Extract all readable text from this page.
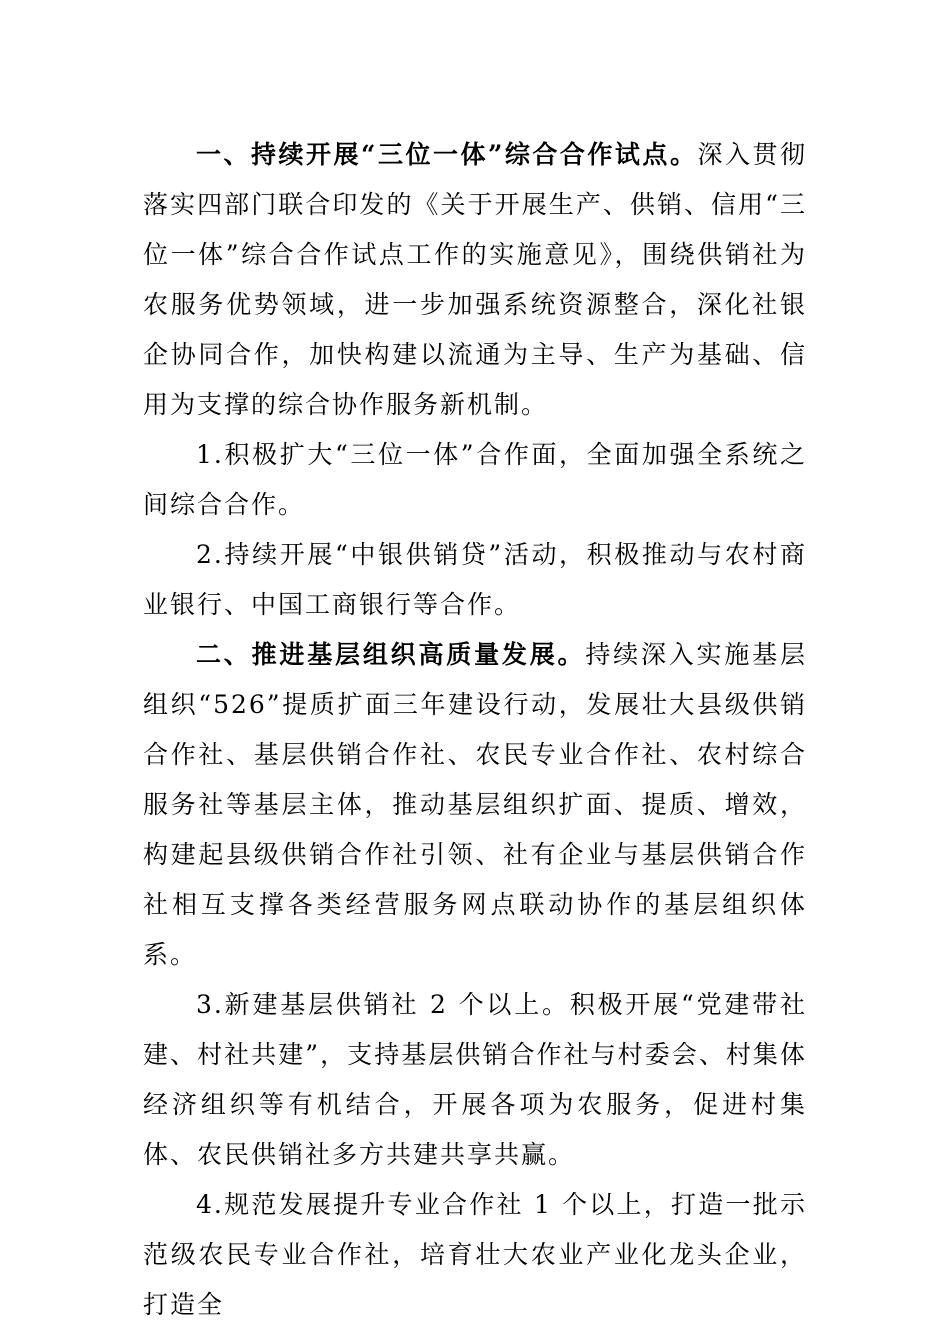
一、持续开展“三位一体”综合合作试点。深入贯彻落实四部门联合印发的《关于开展生产、供销、信用“三位一体”综合合作试点工作的实施意见》，围绕供销社为农服务优势领域，进一步加强系统资源整合，深化社银企协同合作，加快构建以流通为主导、生产为基础、信用为支撑的综合协作服务新机制。

1.积极扩大“三位一体”合作面，全面加强全系统之间综合合作。

2.持续开展“中银供销贷”活动，积极推动与农村商业银行、中国工商银行等合作。

二、推进基层组织高质量发展。持续深入实施基层组织“526”提质扩面三年建设行动，发展壮大县级供销合作社、基层供销合作社、农民专业合作社、农村综合服务社等基层主体，推动基层组织扩面、提质、增效，构建起县级供销合作社引领、社有企业与基层供销合作社相互支撑各类经营服务网点联动协作的基层组织体系。

3.新建基层供销社 2 个以上。积极开展“党建带社建、村社共建”，支持基层供销合作社与村委会、村集体经济组织等有机结合，开展各项为农服务，促进村集体、农民供销社多方共建共享共赢。

4.规范发展提升专业合作社 1 个以上，打造一批示范级农民专业合作社，培育壮大农业产业化龙头企业，打造全
